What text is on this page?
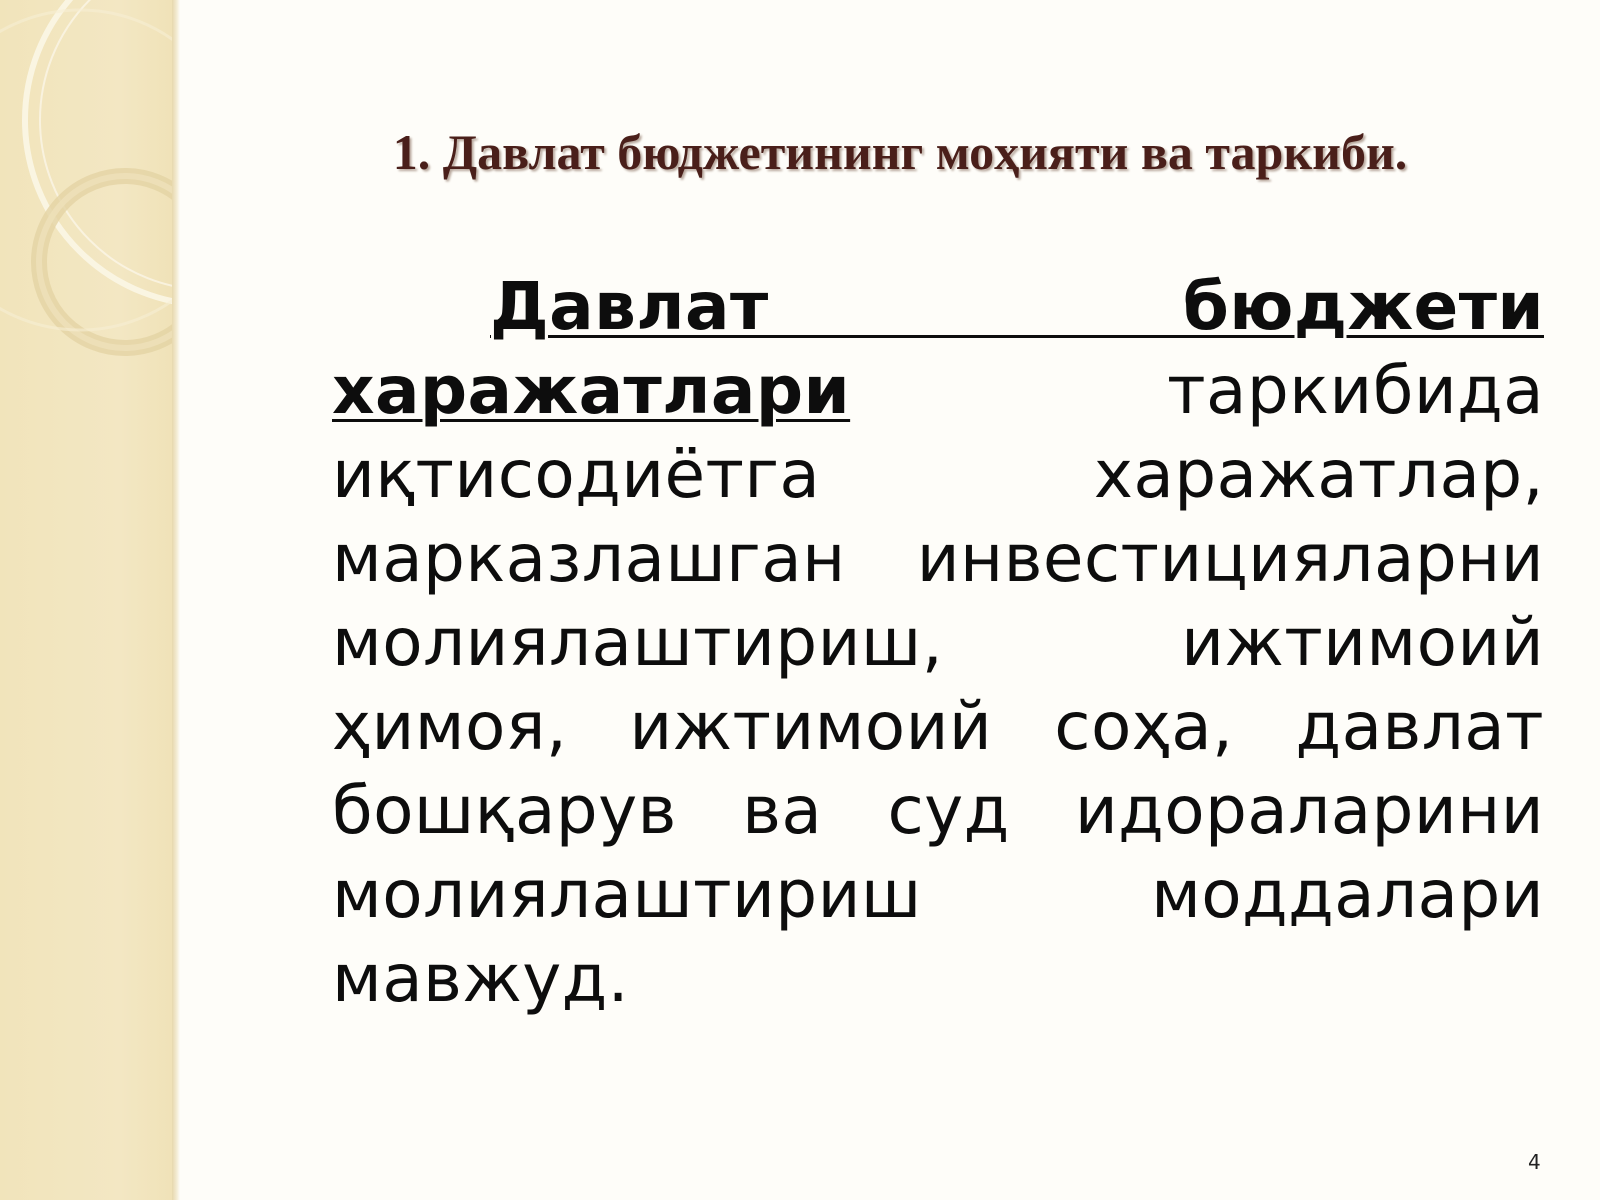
1. Давлат бюджетининг моҳияти ва таркиби.

Давлат бюджети харажатлари таркибида иқтисодиётга харажатлар, марказлашган инвестицияларни молиялаштириш, ижтимоий ҳимоя, ижтимоий соҳа, давлат бошқарув ва суд идораларини молиялаштириш моддалари мавжуд.

4
